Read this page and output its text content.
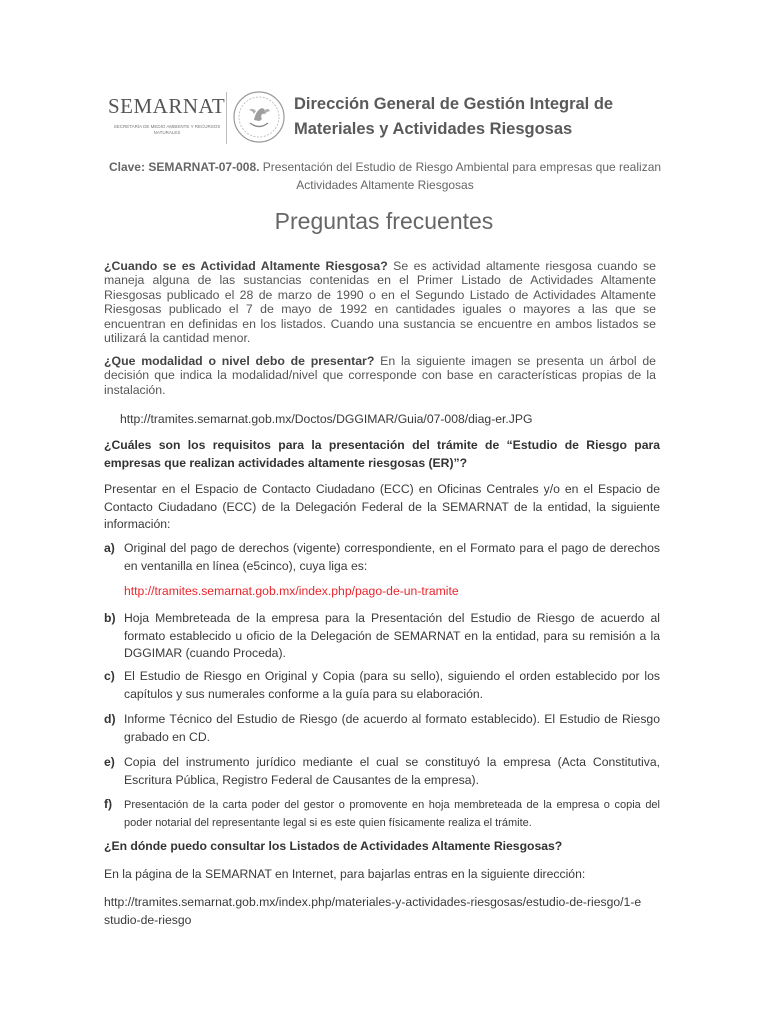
SEMARNAT
SECRETARÍA DE MEDIO AMBIENTE Y RECURSOS NATURALES
Dirección General de Gestión Integral de Materiales y Actividades Riesgosas
Clave: SEMARNAT-07-008. Presentación del Estudio de Riesgo Ambiental para empresas que realizan Actividades Altamente Riesgosas
Preguntas frecuentes
¿Cuando se es Actividad Altamente Riesgosa? Se es actividad altamente riesgosa cuando se maneja alguna de las sustancias contenidas en el Primer Listado de Actividades Altamente Riesgosas publicado el 28 de marzo de 1990 o en el Segundo Listado de Actividades Altamente Riesgosas publicado el 7 de mayo de 1992 en cantidades iguales o mayores a las que se encuentran en definidas en los listados. Cuando una sustancia se encuentre en ambos listados se utilizará la cantidad menor.
¿Que modalidad o nivel debo de presentar? En la siguiente imagen se presenta un árbol de decisión que indica la modalidad/nivel que corresponde con base en características propias de la instalación.
http://tramites.semarnat.gob.mx/Doctos/DGGIMAR/Guia/07-008/diag-er.JPG
¿Cuáles son los requisitos para la presentación del trámite de “Estudio de Riesgo para empresas que realizan actividades altamente riesgosas (ER)”?
Presentar en el Espacio de Contacto Ciudadano (ECC) en Oficinas Centrales y/o en el Espacio de Contacto Ciudadano (ECC) de la Delegación Federal de la SEMARNAT de la entidad, la siguiente información:
a) Original del pago de derechos (vigente) correspondiente, en el Formato para el pago de derechos en ventanilla en línea (e5cinco), cuya liga es:
http://tramites.semarnat.gob.mx/index.php/pago-de-un-tramite
b) Hoja Membreteada de la empresa para la Presentación del Estudio de Riesgo de acuerdo al formato establecido u oficio de la Delegación de SEMARNAT en la entidad, para su remisión a la DGGIMAR (cuando Proceda).
c) El Estudio de Riesgo en Original y Copia (para su sello), siguiendo el orden establecido por los capítulos y sus numerales conforme a la guía para su elaboración.
d) Informe Técnico del Estudio de Riesgo (de acuerdo al formato establecido). El Estudio de Riesgo grabado en CD.
e) Copia del instrumento jurídico mediante el cual se constituyó la empresa (Acta Constitutiva, Escritura Pública, Registro Federal de Causantes de la empresa).
f) Presentación de la carta poder del gestor o promovente en hoja membreteada de la empresa o copia del poder notarial del representante legal si es este quien físicamente realiza el trámite.
¿En dónde puedo consultar los Listados de Actividades Altamente Riesgosas?
En la página de la SEMARNAT en Internet, para bajarlas entras en la siguiente dirección:
http://tramites.semarnat.gob.mx/index.php/materiales-y-actividades-riesgosas/estudio-de-riesgo/1-estudio-de-riesgo
